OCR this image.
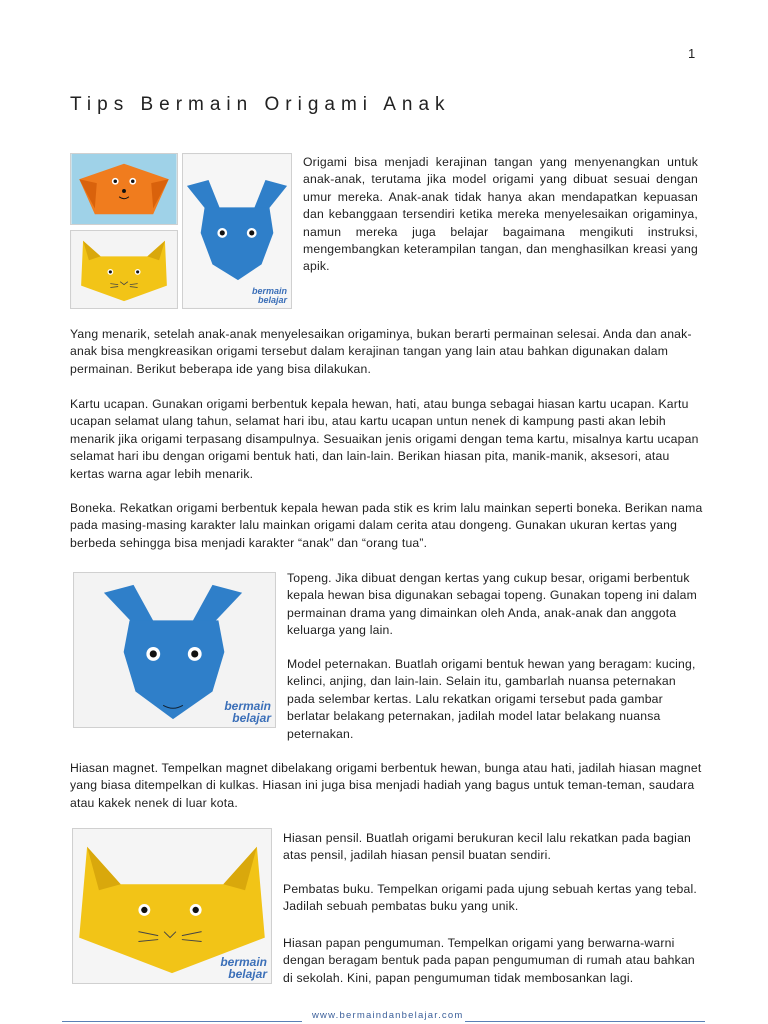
1
Tips Bermain Origami Anak
bermain
belajar

Origami bisa menjadi kerajinan tangan yang menyenangkan untuk anak-anak, terutama jika model origami yang dibuat sesuai dengan umur mereka. Anak-anak tidak hanya akan mendapatkan kepuasan dan kebanggaan tersendiri ketika mereka menyelesaikan origaminya, namun mereka juga belajar bagaimana mengikuti instruksi, mengembangkan keterampilan tangan, dan menghasilkan kreasi yang apik.

Yang menarik, setelah anak-anak menyelesaikan origaminya, bukan berarti permainan selesai. Anda dan anak-anak bisa mengkreasikan origami tersebut dalam kerajinan tangan yang lain atau bahkan digunakan dalam permainan. Berikut beberapa ide yang bisa dilakukan.

Kartu ucapan. Gunakan origami berbentuk kepala hewan, hati, atau bunga sebagai hiasan kartu ucapan. Kartu ucapan selamat ulang tahun, selamat hari ibu, atau kartu ucapan untun nenek di kampung pasti akan lebih menarik jika origami terpasang disampulnya. Sesuaikan jenis origami dengan tema kartu, misalnya kartu ucapan selamat hari ibu dengan origami bentuk hati, dan lain-lain. Berikan hiasan pita, manik-manik, aksesori, atau kertas warna agar lebih menarik.

Boneka. Rekatkan origami berbentuk kepala hewan pada stik es krim lalu mainkan seperti boneka. Berikan nama pada masing-masing karakter lalu mainkan origami dalam cerita atau dongeng. Gunakan ukuran kertas yang berbeda sehingga bisa menjadi karakter “anak” dan “orang tua”.

bermain
belajar

Topeng. Jika dibuat dengan kertas yang cukup besar, origami berbentuk kepala hewan bisa digunakan sebagai topeng. Gunakan topeng ini dalam permainan drama yang dimainkan oleh Anda, anak-anak dan anggota keluarga yang lain.

Model peternakan. Buatlah origami bentuk hewan yang beragam: kucing, kelinci, anjing, dan lain-lain. Selain itu, gambarlah nuansa peternakan pada selembar kertas. Lalu rekatkan origami tersebut pada gambar berlatar belakang peternakan, jadilah model latar belakang nuansa peternakan.

Hiasan magnet. Tempelkan magnet dibelakang origami berbentuk hewan, bunga atau hati, jadilah hiasan magnet yang biasa ditempelkan di kulkas. Hiasan ini juga bisa menjadi hadiah yang bagus untuk teman-teman, saudara atau kakek nenek di luar kota.

bermain
belajar

Hiasan pensil. Buatlah origami berukuran kecil lalu rekatkan pada bagian atas pensil, jadilah hiasan pensil buatan sendiri.

Pembatas buku. Tempelkan origami pada ujung sebuah kertas yang tebal. Jadilah sebuah pembatas buku yang unik.

Hiasan papan pengumuman. Tempelkan origami yang berwarna-warni dengan beragam bentuk pada papan pengumuman di rumah atau bahkan di sekolah. Kini, papan pengumuman tidak membosankan lagi.

www.bermaindanbelajar.com
